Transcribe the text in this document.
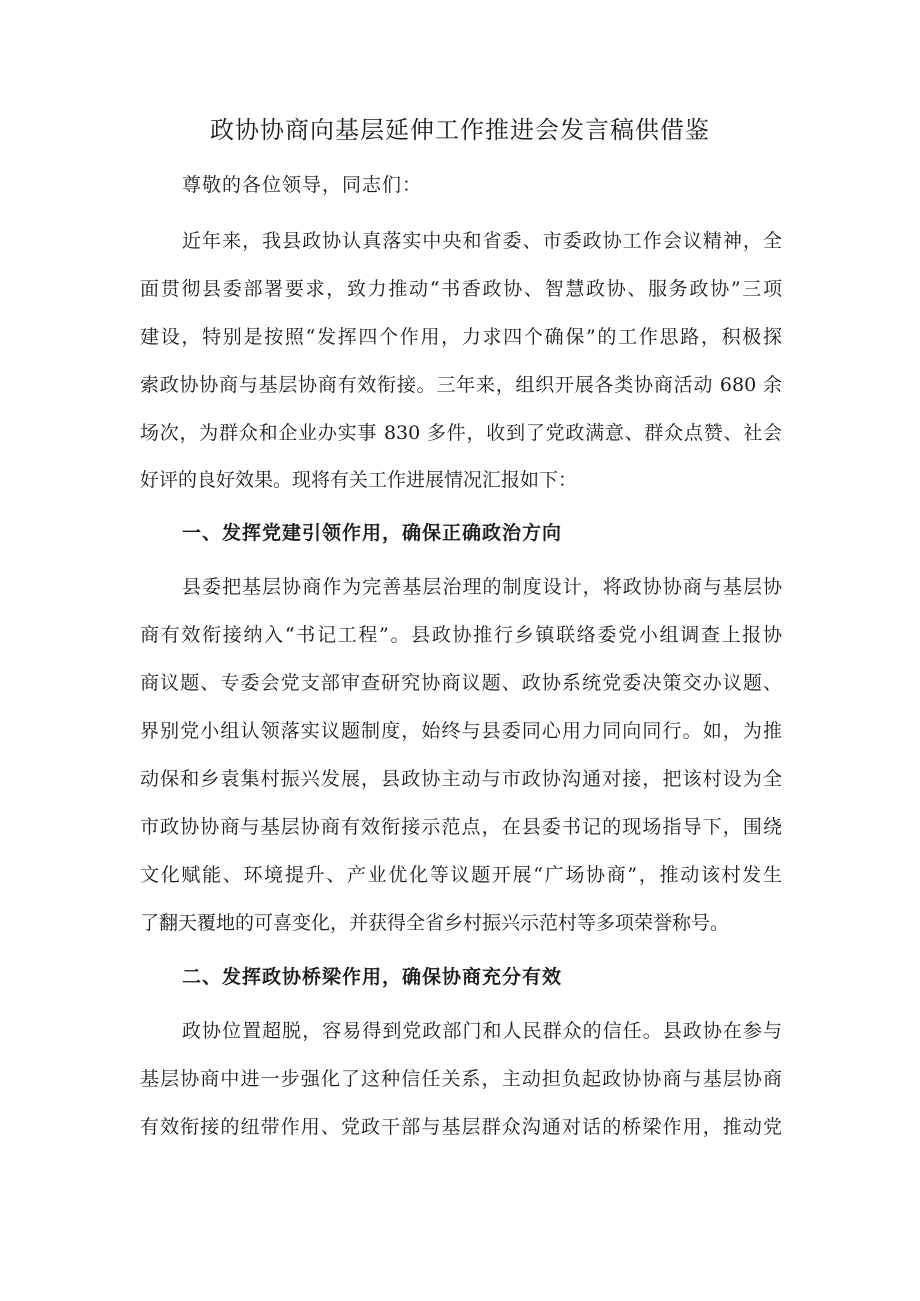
政协协商向基层延伸工作推进会发言稿供借鉴
尊敬的各位领导，同志们：
近年来，我县政协认真落实中央和省委、市委政协工作会议精神，全
面贯彻县委部署要求，致力推动“书香政协、智慧政协、服务政协”三项
建设，特别是按照“发挥四个作用，力求四个确保”的工作思路，积极探
索政协协商与基层协商有效衔接。三年来，组织开展各类协商活动 680 余
场次，为群众和企业办实事 830 多件，收到了党政满意、群众点赞、社会
好评的良好效果。现将有关工作进展情况汇报如下：
一、发挥党建引领作用，确保正确政治方向
县委把基层协商作为完善基层治理的制度设计，将政协协商与基层协
商有效衔接纳入“书记工程”。县政协推行乡镇联络委党小组调查上报协
商议题、专委会党支部审查研究协商议题、政协系统党委决策交办议题、
界别党小组认领落实议题制度，始终与县委同心用力同向同行。如，为推
动保和乡袁集村振兴发展，县政协主动与市政协沟通对接，把该村设为全
市政协协商与基层协商有效衔接示范点，在县委书记的现场指导下，围绕
文化赋能、环境提升、产业优化等议题开展“广场协商”，推动该村发生
了翻天覆地的可喜变化，并获得全省乡村振兴示范村等多项荣誉称号。
二、发挥政协桥梁作用，确保协商充分有效
政协位置超脱，容易得到党政部门和人民群众的信任。县政协在参与
基层协商中进一步强化了这种信任关系，主动担负起政协协商与基层协商
有效衔接的纽带作用、党政干部与基层群众沟通对话的桥梁作用，推动党
